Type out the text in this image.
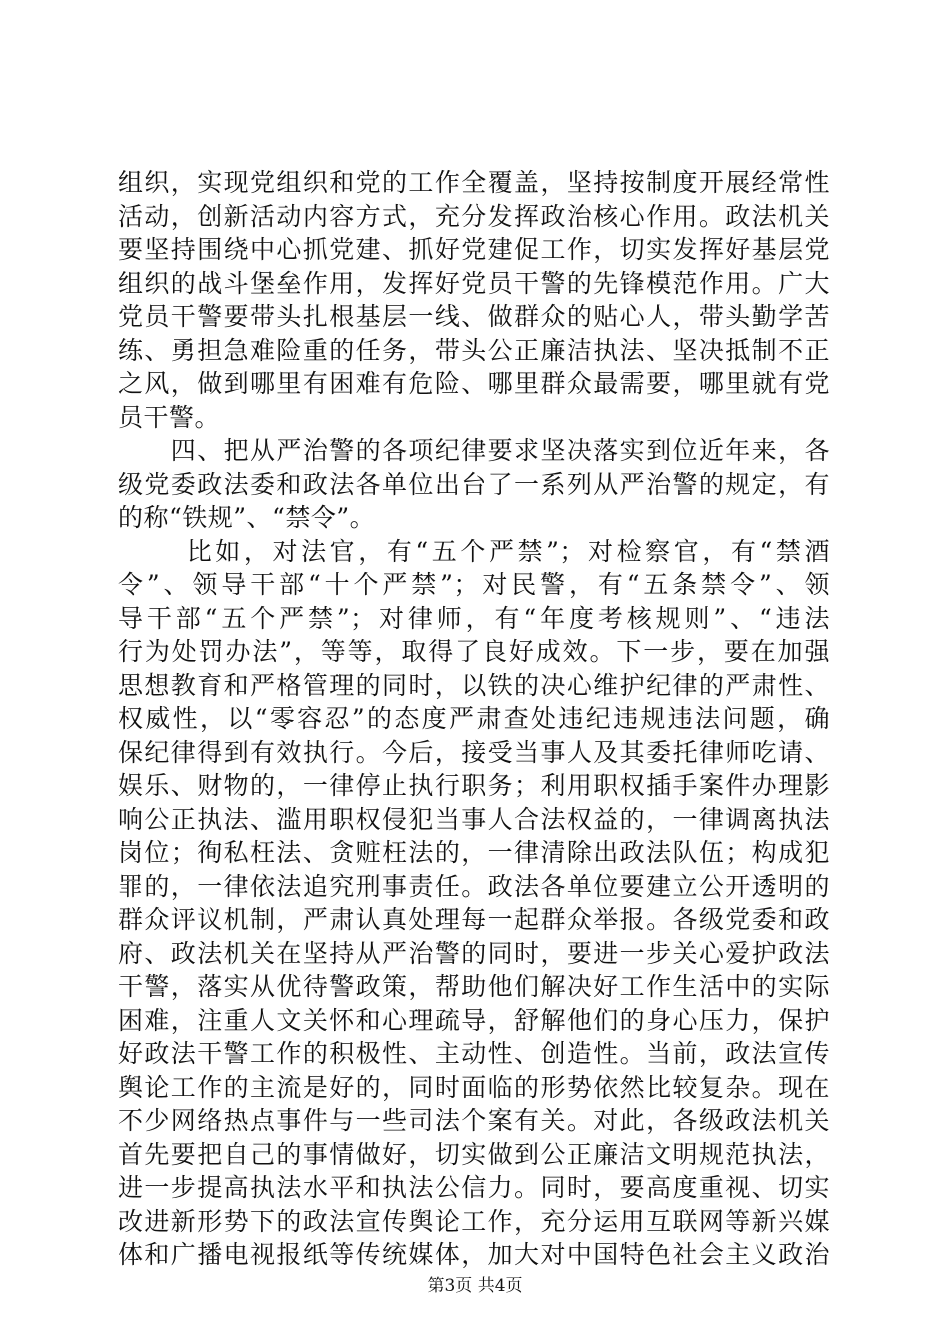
组织，实现党组织和党的工作全覆盖，坚持按制度开展经常性
活动，创新活动内容方式，充分发挥政治核心作用。政法机关
要坚持围绕中心抓党建、抓好党建促工作，切实发挥好基层党
组织的战斗堡垒作用，发挥好党员干警的先锋模范作用。广大
党员干警要带头扎根基层一线、做群众的贴心人，带头勤学苦
练、勇担急难险重的任务，带头公正廉洁执法、坚决抵制不正
之风，做到哪里有困难有危险、哪里群众最需要，哪里就有党
员干警。
　　四、把从严治警的各项纪律要求坚决落实到位近年来，各
级党委政法委和政法各单位出台了一系列从严治警的规定，有
的称“铁规”、“禁令”。
　　 比如，对法官，有“五个严禁”；对检察官，有“禁酒
令”、领导干部“十个严禁”；对民警，有“五条禁令”、领
导干部“五个严禁”；对律师，有“年度考核规则”、“违法
行为处罚办法”，等等，取得了良好成效。下一步，要在加强
思想教育和严格管理的同时，以铁的决心维护纪律的严肃性、
权威性，以“零容忍”的态度严肃查处违纪违规违法问题，确
保纪律得到有效执行。今后，接受当事人及其委托律师吃请、
娱乐、财物的，一律停止执行职务；利用职权插手案件办理影
响公正执法、滥用职权侵犯当事人合法权益的，一律调离执法
岗位；徇私枉法、贪赃枉法的，一律清除出政法队伍；构成犯
罪的，一律依法追究刑事责任。政法各单位要建立公开透明的
群众评议机制，严肃认真处理每一起群众举报。各级党委和政
府、政法机关在坚持从严治警的同时，要进一步关心爱护政法
干警，落实从优待警政策，帮助他们解决好工作生活中的实际
困难，注重人文关怀和心理疏导，舒解他们的身心压力，保护
好政法干警工作的积极性、主动性、创造性。当前，政法宣传
舆论工作的主流是好的，同时面临的形势依然比较复杂。现在
不少网络热点事件与一些司法个案有关。对此，各级政法机关
首先要把自己的事情做好，切实做到公正廉洁文明规范执法，
进一步提高执法水平和执法公信力。同时，要高度重视、切实
改进新形势下的政法宣传舆论工作，充分运用互联网等新兴媒
体和广播电视报纸等传统媒体，加大对中国特色社会主义政治
第3页 共4页
